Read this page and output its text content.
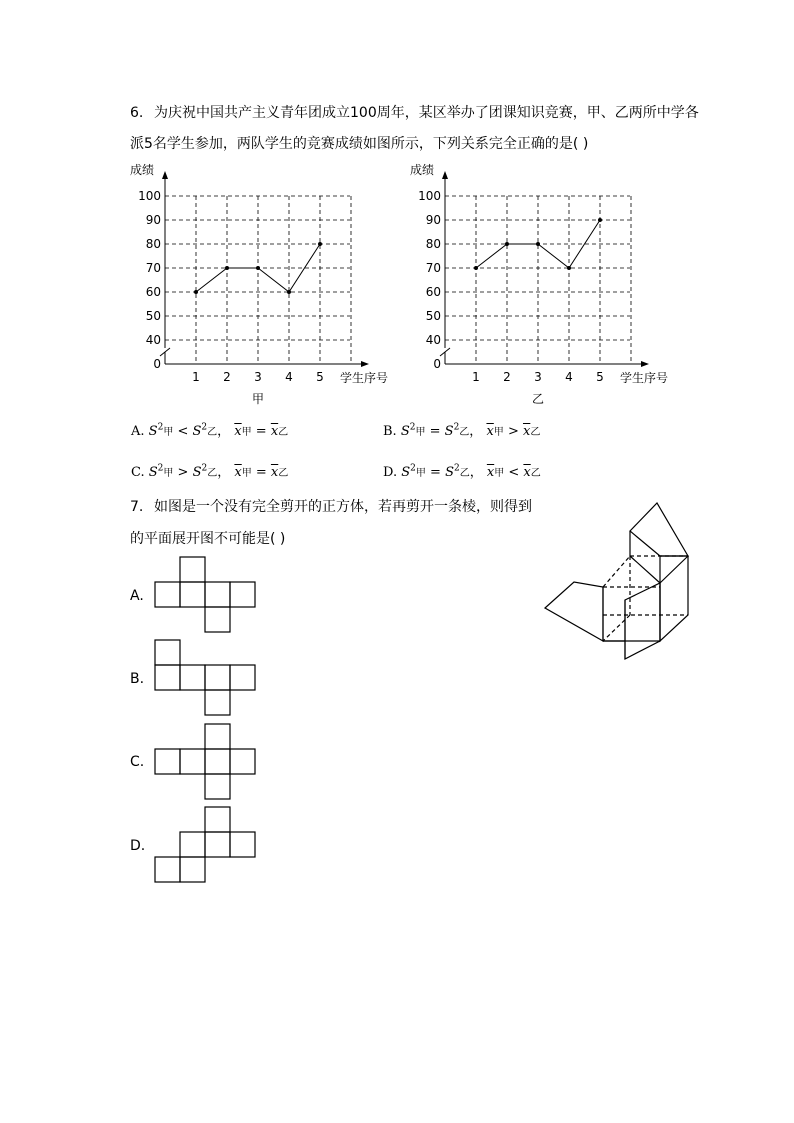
6. 为庆祝中国共产主义青年团成立100周年，某区举办了团课知识竞赛，甲、乙两所中学各
派5名学生参加，两队学生的竞赛成绩如图所示，下列关系完全正确的是( )
0
40
50
60
70
80
90
100
1 2 3 4 5
成绩
学生序号
甲
0
40
50
60
70
80
90
100
1 2 3 4 5
成绩
学生序号
乙
A. $S^2$甲 < $S^2$乙， $\overline{x}$甲 = $\overline{x}$乙	B. $S^2$甲 = $S^2$乙， $\overline{x}$甲 > $\overline{x}$乙
C. $S^2$甲 > $S^2$乙， $\overline{x}$甲 = $\overline{x}$乙	D. $S^2$甲 = $S^2$乙， $\overline{x}$甲 < $\overline{x}$乙
7. 如图是一个没有完全剪开的正方体，若再剪开一条棱，则得到
的平面展开图不可能是( )
A.
B.
C.
D.
